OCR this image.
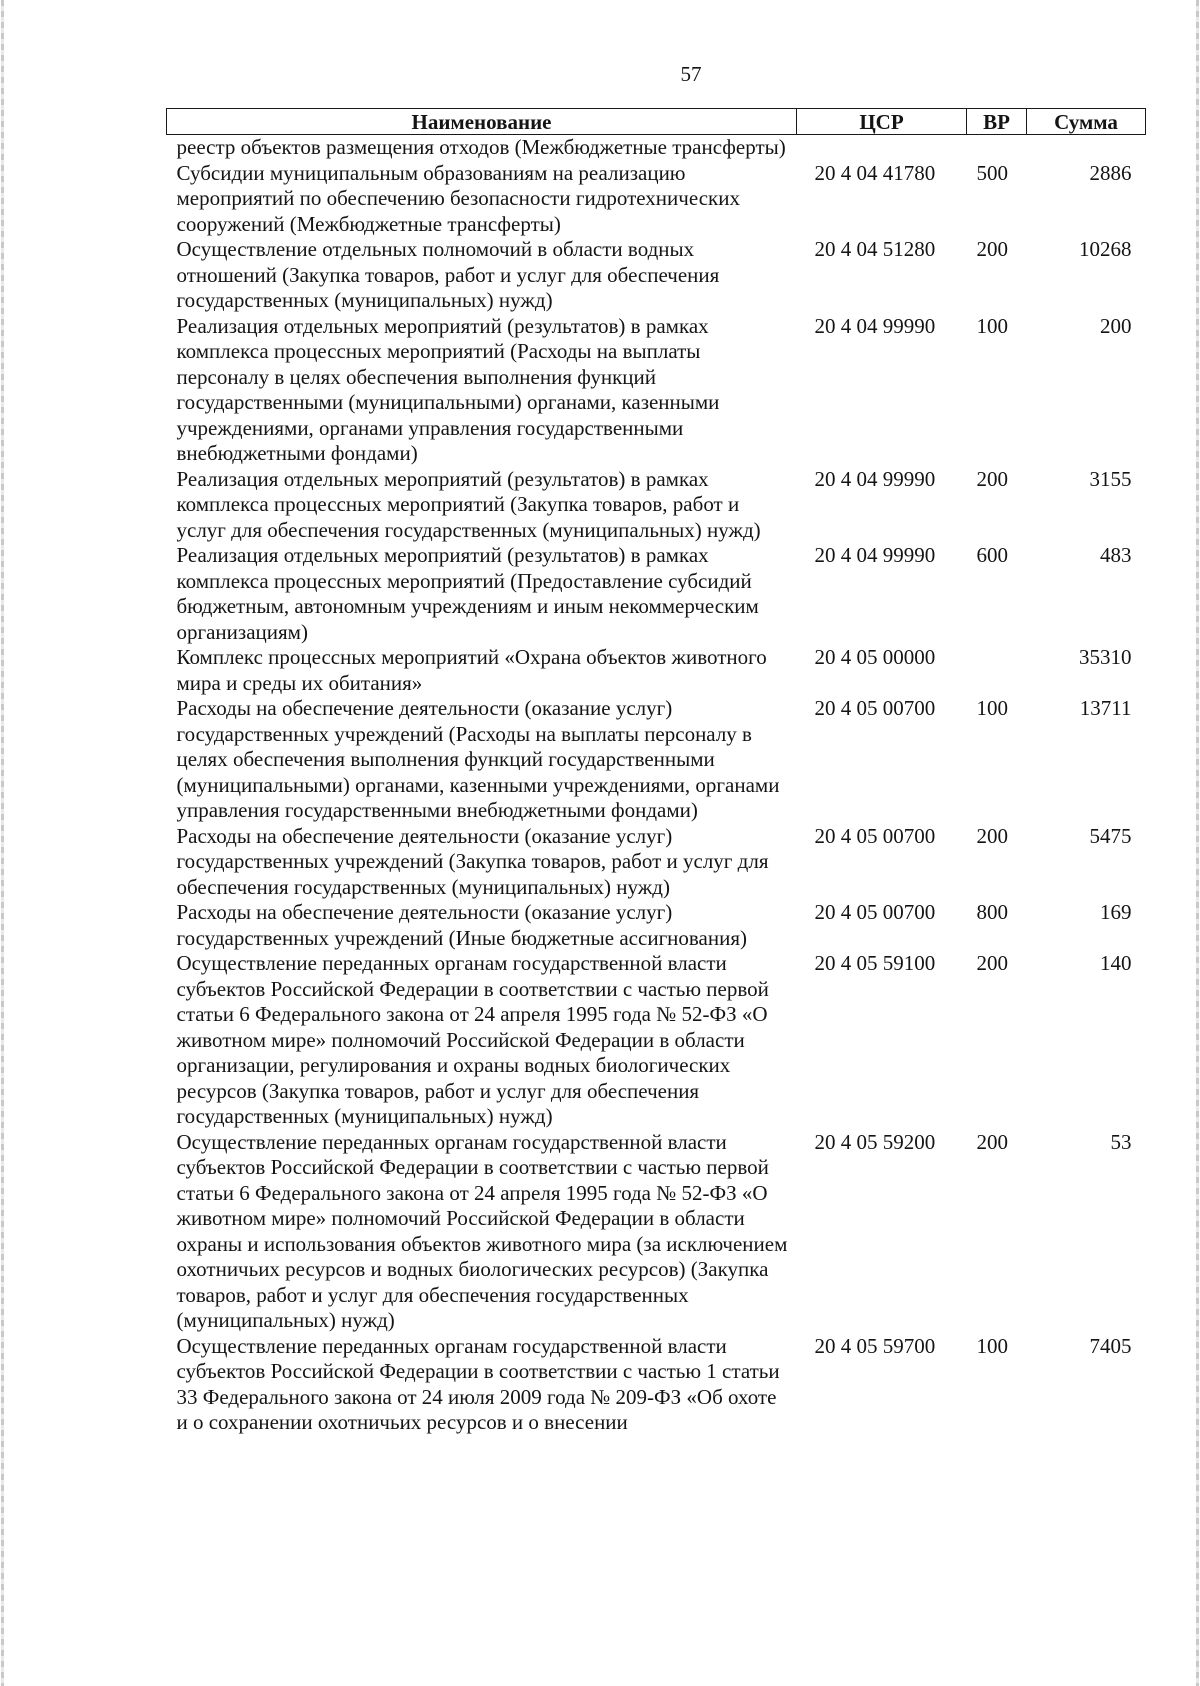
57
Наименование	ЦСР	ВР	Сумма
реестр объектов размещения отходов (Межбюджетные трансферты)			
Субсидии муниципальным образованиям на реализацию мероприятий по обеспечению безопасности гидротехнических сооружений (Межбюджетные трансферты)	20 4 04 41780	500	2886
Осуществление отдельных полномочий в области водных отношений (Закупка товаров, работ и услуг для обеспечения государственных (муниципальных) нужд)	20 4 04 51280	200	10268
Реализация отдельных мероприятий (результатов) в рамках комплекса процессных мероприятий (Расходы на выплаты персоналу в целях обеспечения выполнения функций государственными (муниципальными) органами, казенными учреждениями, органами управления государственными внебюджетными фондами)	20 4 04 99990	100	200
Реализация отдельных мероприятий (результатов) в рамках комплекса процессных мероприятий (Закупка товаров, работ и услуг для обеспечения государственных (муниципальных) нужд)	20 4 04 99990	200	3155
Реализация отдельных мероприятий (результатов) в рамках комплекса процессных мероприятий (Предоставление субсидий бюджетным, автономным учреждениям и иным некоммерческим организациям)	20 4 04 99990	600	483
Комплекс процессных мероприятий «Охрана объектов животного мира и среды их обитания»	20 4 05 00000		35310
Расходы на обеспечение деятельности (оказание услуг) государственных учреждений (Расходы на выплаты персоналу в целях обеспечения выполнения функций государственными (муниципальными) органами, казенными учреждениями, органами управления государственными внебюджетными фондами)	20 4 05 00700	100	13711
Расходы на обеспечение деятельности (оказание услуг) государственных учреждений (Закупка товаров, работ и услуг для обеспечения государственных (муниципальных) нужд)	20 4 05 00700	200	5475
Расходы на обеспечение деятельности (оказание услуг) государственных учреждений (Иные бюджетные ассигнования)	20 4 05 00700	800	169
Осуществление переданных органам государственной власти субъектов Российской Федерации в соответствии с частью первой статьи 6 Федерального закона от 24 апреля 1995 года № 52-ФЗ «О животном мире» полномочий Российской Федерации в области организации, регулирования и охраны водных биологических ресурсов (Закупка товаров, работ и услуг для обеспечения государственных (муниципальных) нужд)	20 4 05 59100	200	140
Осуществление переданных органам государственной власти субъектов Российской Федерации в соответствии с частью первой статьи 6 Федерального закона от 24 апреля 1995 года № 52-ФЗ «О животном мире» полномочий Российской Федерации в области охраны и использования объектов животного мира (за исключением охотничьих ресурсов и водных биологических ресурсов) (Закупка товаров, работ и услуг для обеспечения государственных (муниципальных) нужд)	20 4 05 59200	200	53
Осуществление переданных органам государственной власти субъектов Российской Федерации в соответствии с частью 1 статьи 33 Федерального закона от 24 июля 2009 года № 209-ФЗ «Об охоте и о сохранении охотничьих ресурсов и о внесении	20 4 05 59700	100	7405
